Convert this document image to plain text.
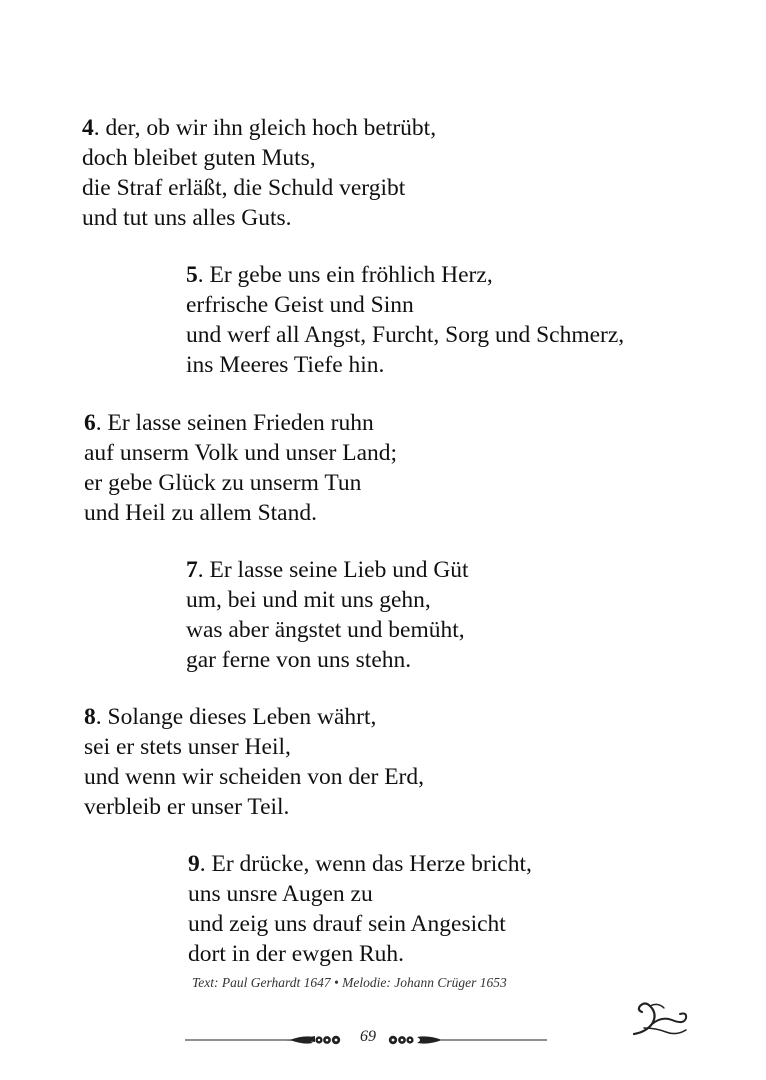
4. der, ob wir ihn gleich hoch betrübt,
doch bleibet guten Muts,
die Straf erläßt, die Schuld vergibt
und tut uns alles Guts.
5. Er gebe uns ein fröhlich Herz,
erfrische Geist und Sinn
und werf all Angst, Furcht, Sorg und Schmerz,
ins Meeres Tiefe hin.
6. Er lasse seinen Frieden ruhn
auf unserm Volk und unser Land;
er gebe Glück zu unserm Tun
und Heil zu allem Stand.
7. Er lasse seine Lieb und Güt
um, bei und mit uns gehn,
was aber ängstet und bemüht,
gar ferne von uns stehn.
8. Solange dieses Leben währt,
sei er stets unser Heil,
und wenn wir scheiden von der Erd,
verbleib er unser Teil.
9. Er drücke, wenn das Herze bricht,
uns unsre Augen zu
und zeig uns drauf sein Angesicht
dort in der ewgen Ruh.
Text: Paul Gerhardt 1647 • Melodie: Johann Crüger 1653
69
